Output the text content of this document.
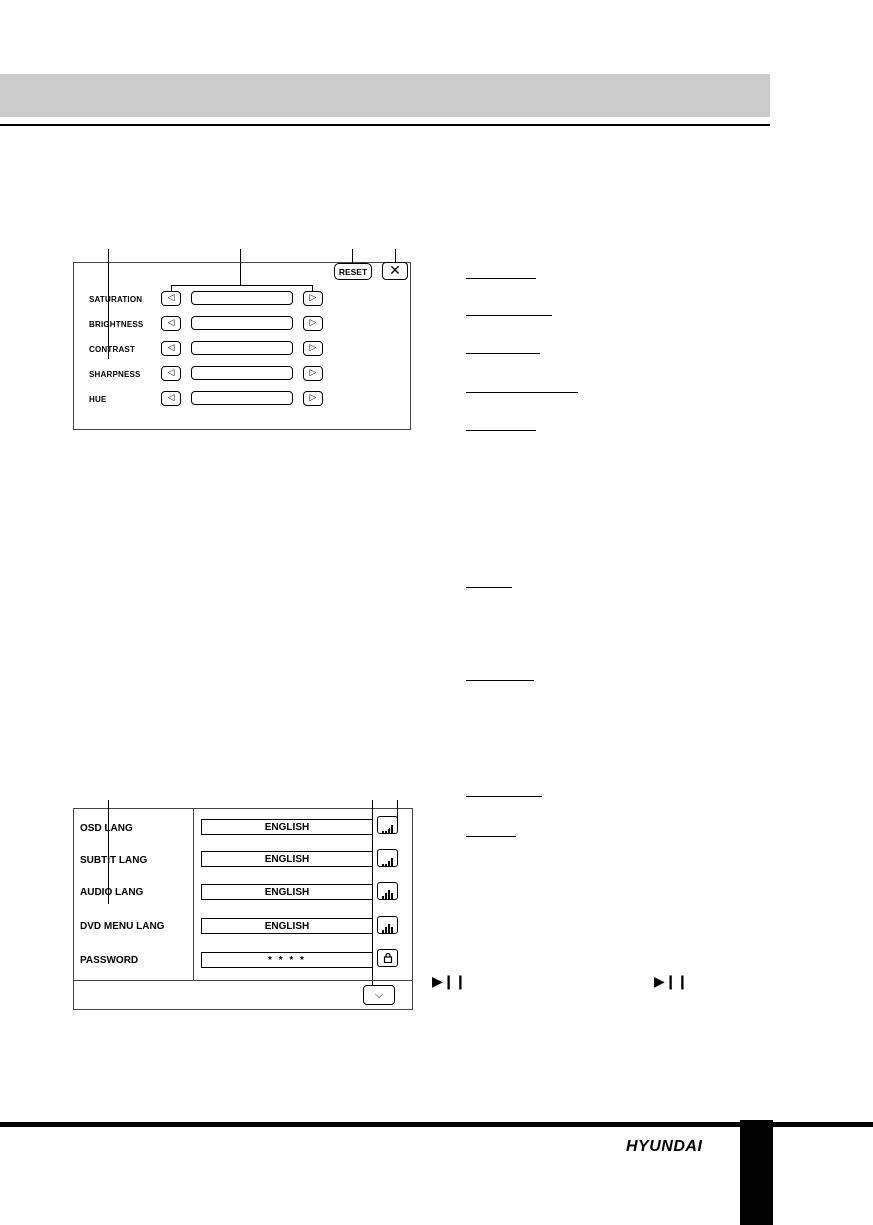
RESET	✕
SATURATION	◁	▷
BRIGHTNESS	◁	▷
CONTRAST	◁	▷
SHARPNESS	◁	▷
HUE	◁	▷
OSD LANG	ENGLISH
SUBTIT LANG	ENGLISH
AUDIO LANG	ENGLISH
DVD MENU LANG	ENGLISH
PASSWORD	* * * *
⌵
▶❙❙	▶❙❙
HYUNDAI
